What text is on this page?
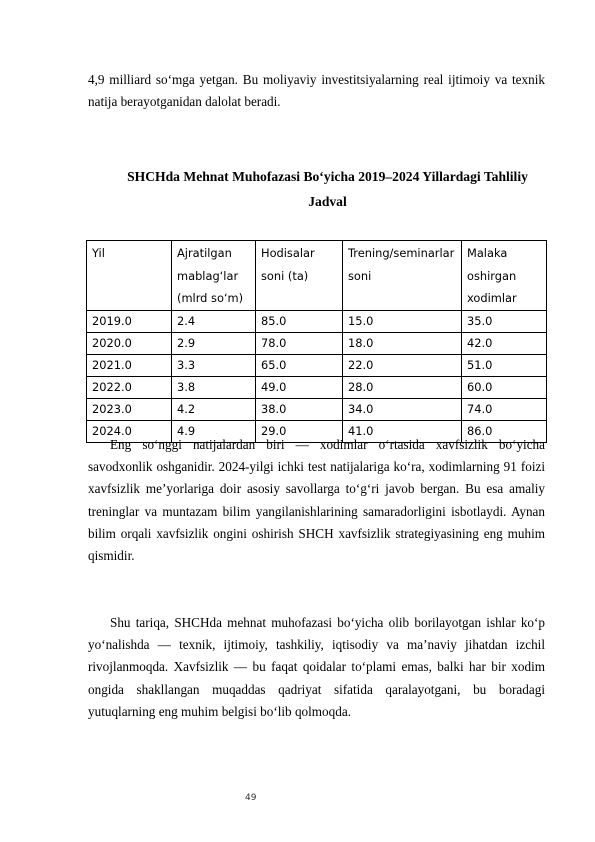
4,9 milliard so‘mga yetgan. Bu moliyaviy investitsiyalarning real ijtimoiy va texnik natija berayotganidan dalolat beradi.

SHCHda Mehnat Muhofazasi Bo‘yicha 2019–2024 Yillardagi Tahliliy Jadval
Yil	Ajratilgan mablag‘lar (mlrd so‘m)	Hodisalar soni (ta)	Trening/seminarlar soni	Malaka oshirgan xodimlar
2019.0	2.4	85.0	15.0	35.0
2020.0	2.9	78.0	18.0	42.0
2021.0	3.3	65.0	22.0	51.0
2022.0	3.8	49.0	28.0	60.0
2023.0	4.2	38.0	34.0	74.0
2024.0	4.9	29.0	41.0	86.0

Eng so‘nggi natijalardan biri — xodimlar o‘rtasida xavfsizlik bo‘yicha savodxonlik oshganidir. 2024-yilgi ichki test natijalariga ko‘ra, xodimlarning 91 foizi xavfsizlik me’yorlariga doir asosiy savollarga to‘g‘ri javob bergan. Bu esa amaliy treninglar va muntazam bilim yangilanishlarining samaradorligini isbotlaydi. Aynan bilim orqali xavfsizlik ongini oshirish SHCH xavfsizlik strategiyasining eng muhim qismidir.

Shu tariqa, SHCHda mehnat muhofazasi bo‘yicha olib borilayotgan ishlar ko‘p yo‘nalishda — texnik, ijtimoiy, tashkiliy, iqtisodiy va ma’naviy jihatdan izchil rivojlanmoqda. Xavfsizlik — bu faqat qoidalar to‘plami emas, balki har bir xodim ongida shakllangan muqaddas qadriyat sifatida qaralayotgani, bu boradagi yutuqlarning eng muhim belgisi bo‘lib qolmoqda.

49
